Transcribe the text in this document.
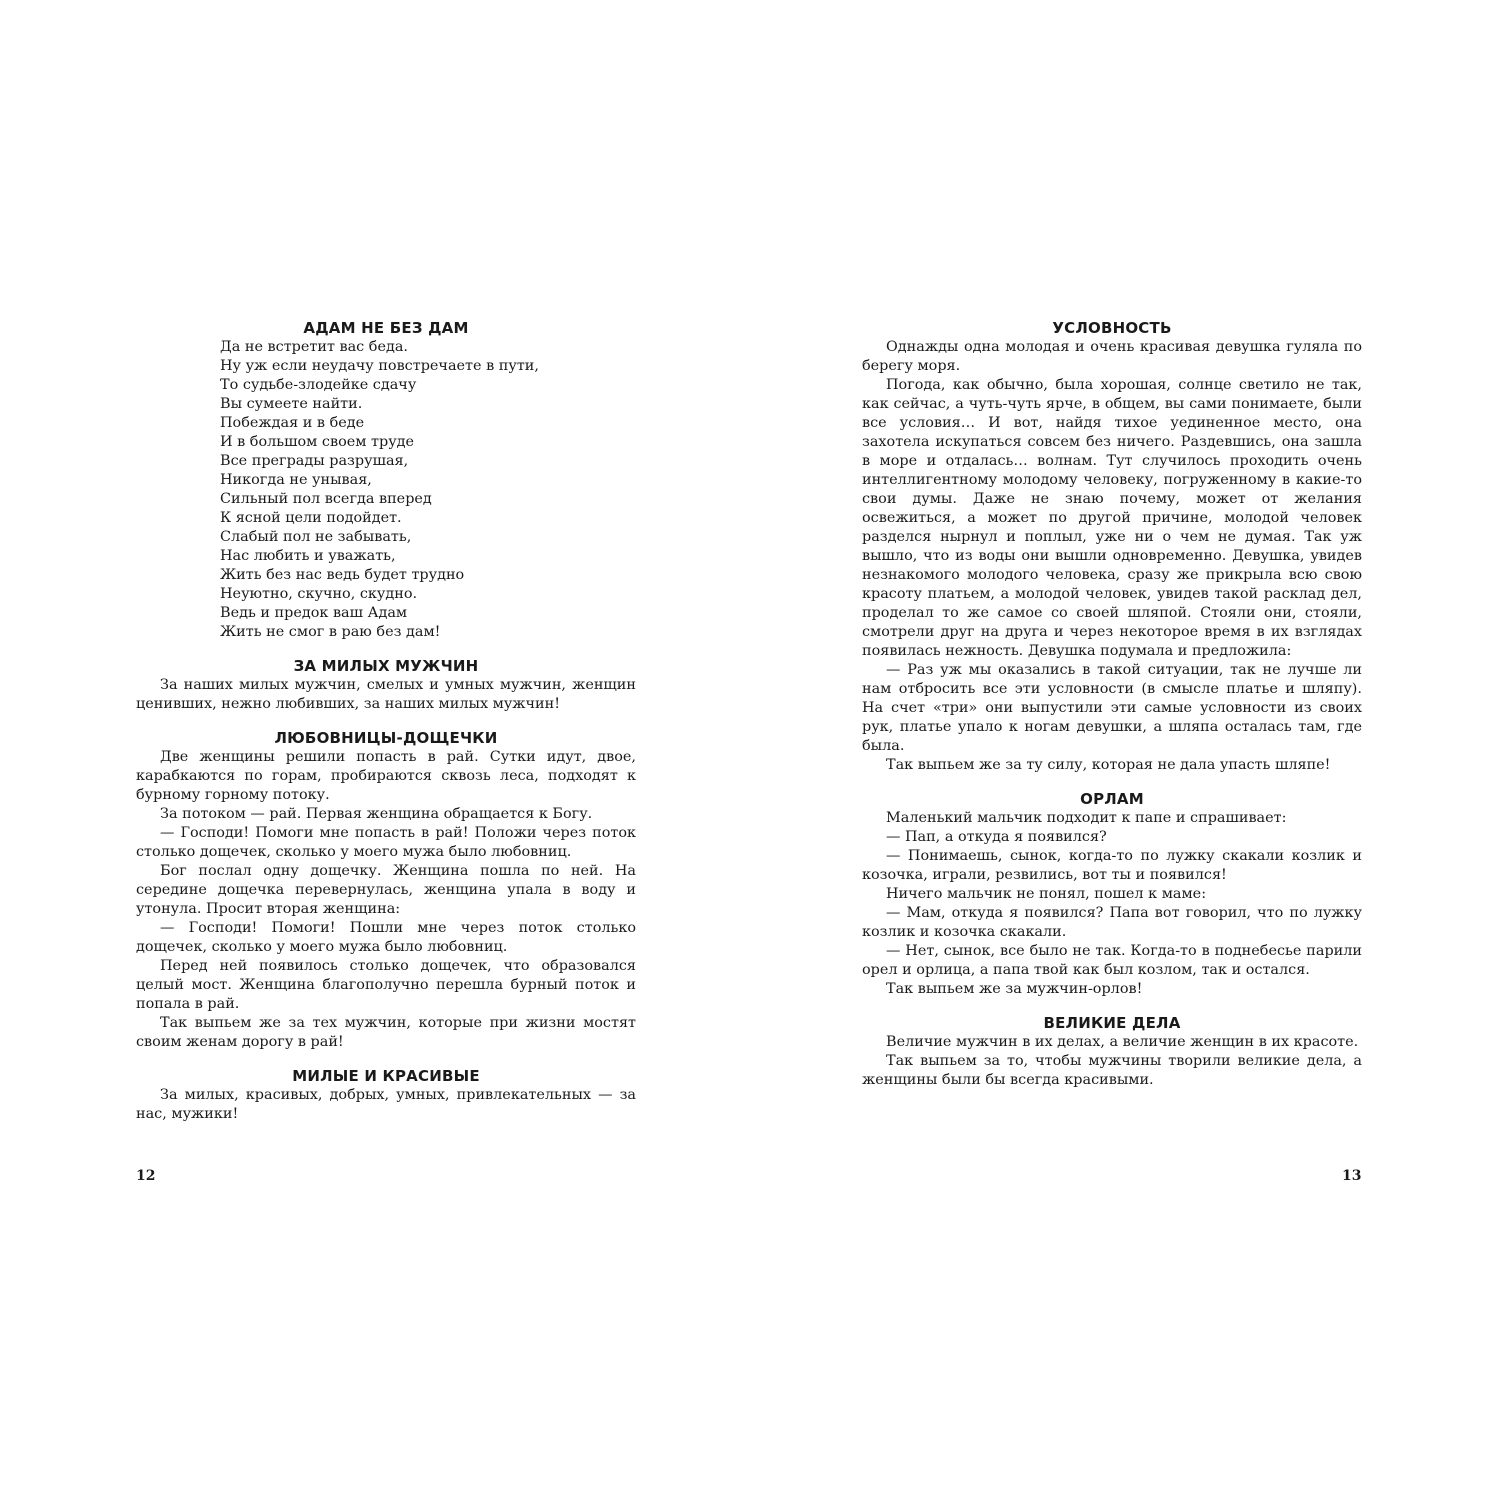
АДАМ НЕ БЕЗ ДАМ
Да не встретит вас беда.
Ну уж если неудачу повстречаете в пути,
То судьбе-злодейке сдачу
Вы сумеете найти.
Побеждая и в беде
И в большом своем труде
Все преграды разрушая,
Никогда не унывая,
Сильный пол всегда вперед
К ясной цели подойдет.
Слабый пол не забывать,
Нас любить и уважать,
Жить без нас ведь будет трудно
Неуютно, скучно, скудно.
Ведь и предок ваш Адам
Жить не смог в раю без дам!
ЗА МИЛЫХ МУЖЧИН

За наших милых мужчин, смелых и умных мужчин, женщин ценивших, нежно любивших, за наших милых мужчин!

ЛЮБОВНИЦЫ-ДОЩЕЧКИ

Две женщины решили попасть в рай. Сутки идут, двое, карабкаются по горам, пробираются сквозь леса, подходят к бурному горному потоку.

За потоком — рай. Первая женщина обращается к Богу.

— Господи! Помоги мне попасть в рай! Положи через поток столько дощечек, сколько у моего мужа было любовниц.

Бог послал одну дощечку. Женщина пошла по ней. На середине дощечка перевернулась, женщина упала в воду и утонула. Просит вторая женщина:

— Господи! Помоги! Пошли мне через поток столько дощечек, сколько у моего мужа было любовниц.

Перед ней появилось столько дощечек, что образовался целый мост. Женщина благополучно перешла бурный поток и попала в рай.

Так выпьем же за тех мужчин, которые при жизни мостят своим женам дорогу в рай!

МИЛЫЕ И КРАСИВЫЕ

За милых, красивых, добрых, умных, привлекательных — за нас, мужики!

12
УСЛОВНОСТЬ

Однажды одна молодая и очень красивая девушка гуляла по берегу моря.

Погода, как обычно, была хорошая, солнце светило не так, как сейчас, а чуть-чуть ярче, в общем, вы сами понимаете, были все условия… И вот, найдя тихое уединенное место, она захотела искупаться совсем без ничего. Раздевшись, она зашла в море и отдалась… волнам. Тут случилось проходить очень интеллигентному молодому человеку, погруженному в какие-то свои думы. Даже не знаю почему, может от желания освежиться, а может по другой причине, молодой человек разделся нырнул и поплыл, уже ни о чем не думая. Так уж вышло, что из воды они вышли одновременно. Девушка, увидев незнакомого молодого человека, сразу же прикрыла всю свою красоту платьем, а молодой человек, увидев такой расклад дел, проделал то же самое со своей шляпой. Стояли они, стояли, смотрели друг на друга и через некоторое время в их взглядах появилась нежность. Девушка подумала и предложила:

— Раз уж мы оказались в такой ситуации, так не лучше ли нам отбросить все эти условности (в смысле платье и шляпу). На счет «три» они выпустили эти самые условности из своих рук, платье упало к ногам девушки, а шляпа осталась там, где была.

Так выпьем же за ту силу, которая не дала упасть шляпе!

ОРЛАМ

Маленький мальчик подходит к папе и спрашивает:

— Пап, а откуда я появился?

— Понимаешь, сынок, когда-то по лужку скакали козлик и козочка, играли, резвились, вот ты и появился!

Ничего мальчик не понял, пошел к маме:

— Мам, откуда я появился? Папа вот говорил, что по лужку козлик и козочка скакали.

— Нет, сынок, все было не так. Когда-то в поднебесье парили орел и орлица, а папа твой как был козлом, так и остался.

Так выпьем же за мужчин-орлов!

ВЕЛИКИЕ ДЕЛА

Величие мужчин в их делах, а величие женщин в их красоте.

Так выпьем за то, чтобы мужчины творили великие дела, а женщины были бы всегда красивыми.

13
